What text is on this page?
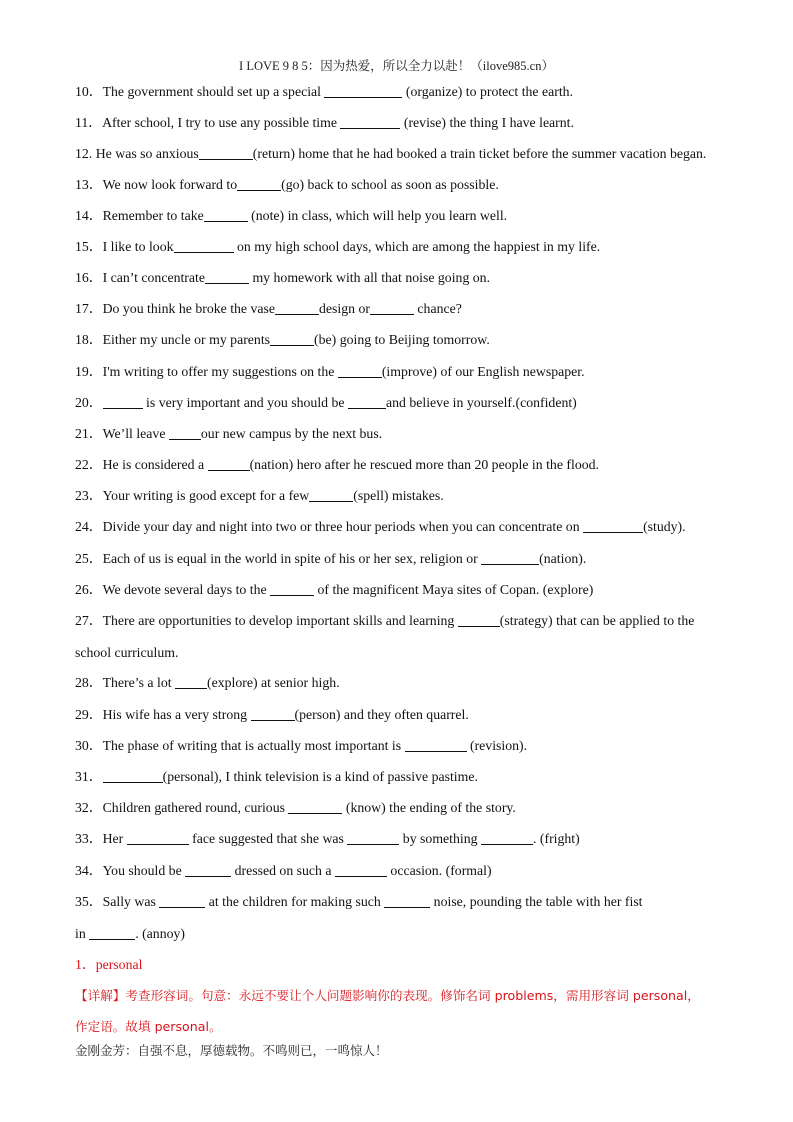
I LOVE 9 8 5：因为热爱，所以全力以赴！（ilove985.cn）
10．The government should set up a special	(organize) to protect the earth.
11．After school, I try to use any possible time	(revise) the thing I have learnt.
12. He was so anxious	(return) home that he had booked a train ticket before the summer vacation began.
13．We now look forward to	(go) back to school as soon as possible.
14．Remember to take	(note) in class, which will help you learn well.
15．I like to look	on my high school days, which are among the happiest in my life.
16．I can’t concentrate	my homework with all that noise going on.
17．Do you think he broke the vase	design or	chance?
18．Either my uncle or my parents	(be) going to Beijing tomorrow.
19．I'm writing to offer my suggestions on the	(improve) of our English newspaper.
20．	is very important and you should be	and believe in yourself.(confident)
21．We’ll leave our new campus by the next bus.
22．He is considered a	(nation) hero after he rescued more than 20 people in the flood.
23．Your writing is good except for a few	(spell) mistakes.
24．Divide your day and night into two or three hour periods when you can concentrate on	(study).
25．Each of us is equal in the world in spite of his or her sex, religion or	(nation).
26．We devote several days to the	of the magnificent Maya sites of Copan. (explore)
27．There are opportunities to develop important skills and learning	(strategy) that can be applied to the
school curriculum.
28．There’s a lot (explore) at senior high.
29．His wife has a very strong	(person) and they often quarrel.
30．The phase of writing that is actually most important is	(revision).
31．	(personal), I think television is a kind of passive pastime.
32．Children gathered round, curious	(know) the ending of the story.
33．Her	face suggested that she was	by something	. (fright)
34．You should be	dressed on such a	occasion. (formal)
35．Sally was	at the children for making such	noise, pounding the table with her fist
in	. (annoy)
1．personal
【详解】考查形容词。句意：永远不要让个人问题影响你的表现。修饰名词 problems，需用形容词 personal，
作定语。故填 personal。
金刚金芳：自强不息，厚德载物。不鸣则已，一鸣惊人！
